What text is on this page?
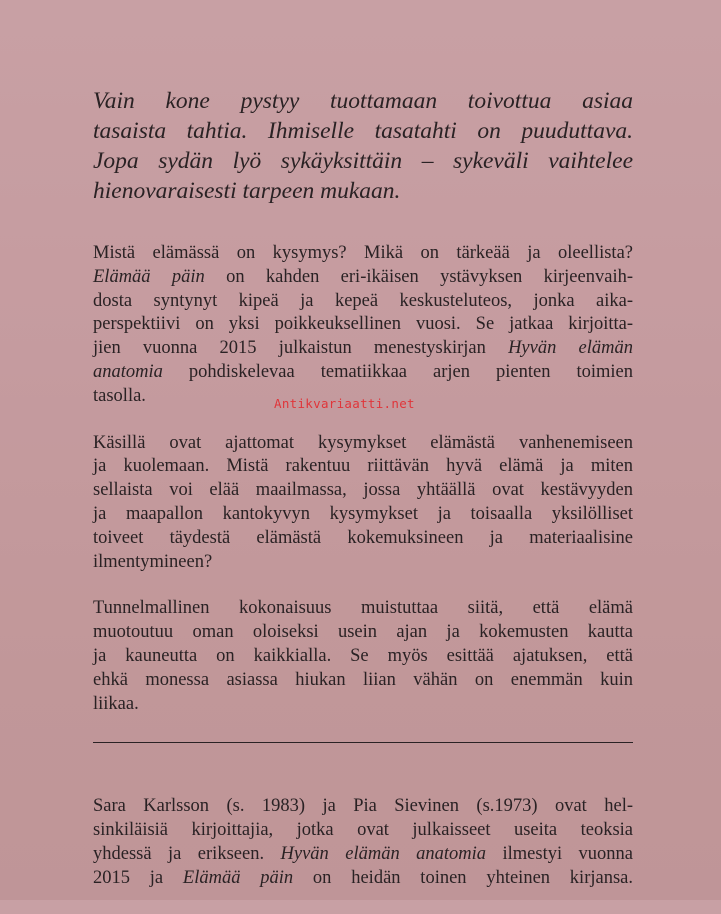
Vain kone pystyy tuottamaan toivottua asiaa
tasaista tahtia. Ihmiselle tasatahti on puuduttava.
Jopa sydän lyö sykäyksittäin – sykeväli vaihtelee
hienovaraisesti tarpeen mukaan.
Mistä elämässä on kysymys? Mikä on tärkeää ja oleellista?
Elämää päin on kahden eri-ikäisen ystävyksen kirjeenvaih-
dosta syntynyt kipeä ja kepeä keskusteluteos, jonka aika-
perspektiivi on yksi poikkeuksellinen vuosi. Se jatkaa kirjoitta-
jien vuonna 2015 julkaistun menestyskirjan Hyvän elämän
anatomia pohdiskelevaa tematiikkaa arjen pienten toimien
tasolla.
Käsillä ovat ajattomat kysymykset elämästä vanhenemiseen
ja kuolemaan. Mistä rakentuu riittävän hyvä elämä ja miten
sellaista voi elää maailmassa, jossa yhtäällä ovat kestävyyden
ja maapallon kantokyvyn kysymykset ja toisaalla yksilölliset
toiveet täydestä elämästä kokemuksineen ja materiaalisine
ilmentymineen?
Tunnelmallinen kokonaisuus muistuttaa siitä, että elämä
muotoutuu oman oloiseksi usein ajan ja kokemusten kautta
ja kauneutta on kaikkialla. Se myös esittää ajatuksen, että
ehkä monessa asiassa hiukan liian vähän on enemmän kuin
liikaa.
Sara Karlsson (s. 1983) ja Pia Sievinen (s.1973) ovat hel-
sinkiläisiä kirjoittajia, jotka ovat julkaisseet useita teoksia
yhdessä ja erikseen. Hyvän elämän anatomia ilmestyi vuonna
2015 ja Elämää päin on heidän toinen yhteinen kirjansa.
Antikvariaatti.net
